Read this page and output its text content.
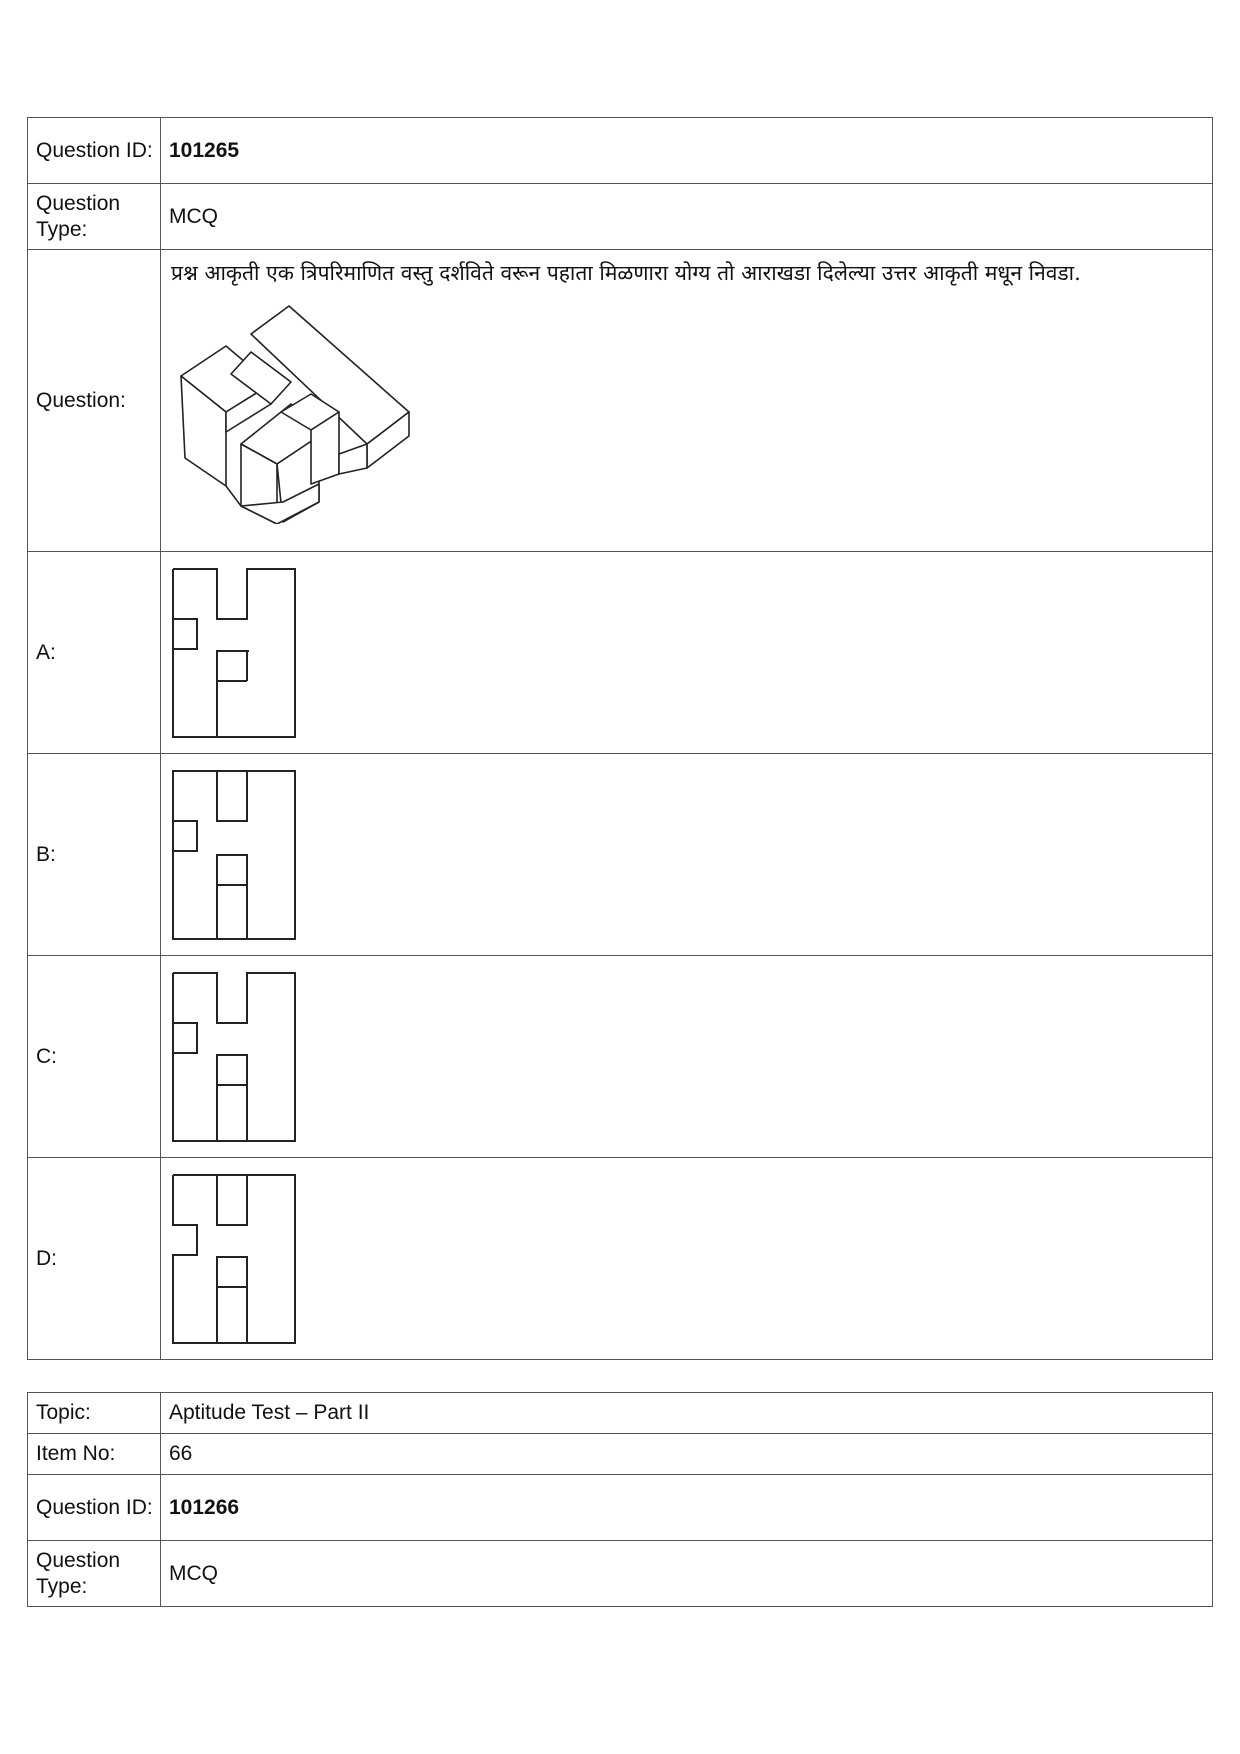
Question ID:	101265
Question Type:	MCQ
Question:	प्रश्न आकृती एक त्रिपरिमाणित वस्तु दर्शविते वरून पहाता मिळणारा योग्य तो आराखडा दिलेल्या उत्तर आकृती मधून निवडा.

A:	

B:	

C:	

D:	
Topic:	Aptitude Test – Part II
Item No:	66
Question ID:	101266
Question Type:	MCQ
